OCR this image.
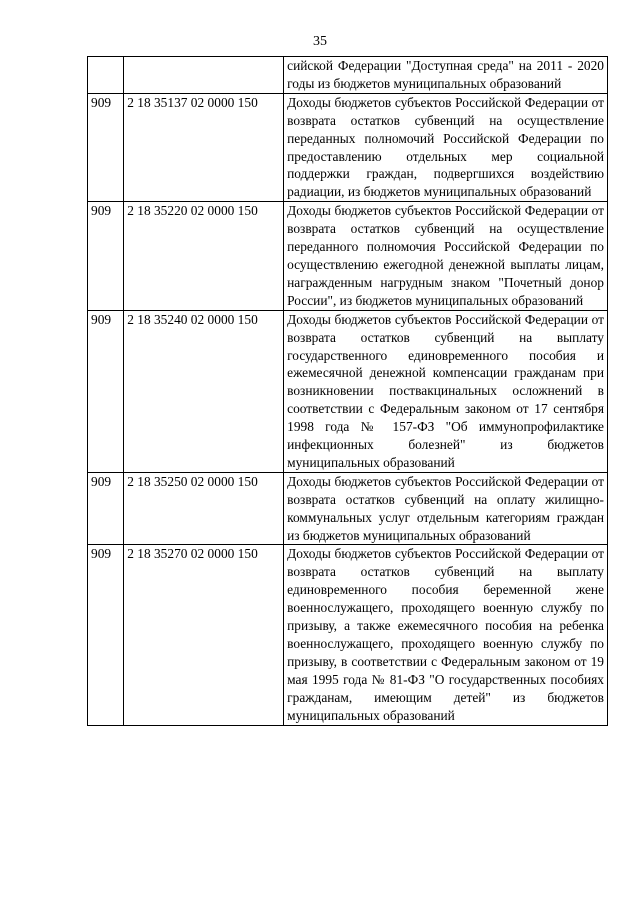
35
		сийской Федерации "Доступная среда" на 2011 - 2020 годы из бюджетов муниципальных образований
909	2 18 35137 02 0000 150	Доходы бюджетов субъектов Российской Федерации от возврата остатков субвенций на осуществление переданных полномочий Российской Федерации по предоставлению отдельных мер социальной поддержки граждан, подвергшихся воздействию радиации, из бюджетов муниципальных образований
909	2 18 35220 02 0000 150	Доходы бюджетов субъектов Российской Федерации от возврата остатков субвенций на осуществление переданного полномочия Российской Федерации по осуществлению ежегодной денежной выплаты лицам, награжденным нагрудным знаком "Почетный донор России", из бюджетов муниципальных образований
909	2 18 35240 02 0000 150	Доходы бюджетов субъектов Российской Федерации от возврата остатков субвенций на выплату государственного единовременного пособия и ежемесячной денежной компенсации гражданам при возникновении поствакцинальных осложнений в соответствии с Федеральным законом от 17 сентября 1998 года № 157-ФЗ "Об иммунопрофилактике инфекционных болезней" из бюджетов муниципальных образований
909	2 18 35250 02 0000 150	Доходы бюджетов субъектов Российской Федерации от возврата остатков субвенций на оплату жилищно-коммунальных услуг отдельным категориям граждан из бюджетов муниципальных образований
909	2 18 35270 02 0000 150	Доходы бюджетов субъектов Российской Федерации от возврата остатков субвенций на выплату единовременного пособия беременной жене военнослужащего, проходящего военную службу по призыву, а также ежемесячного пособия на ребенка военнослужащего, проходящего военную службу по призыву, в соответствии с Федеральным законом от 19 мая 1995 года № 81-ФЗ "О государственных пособиях гражданам, имеющим детей" из бюджетов муниципальных образований
